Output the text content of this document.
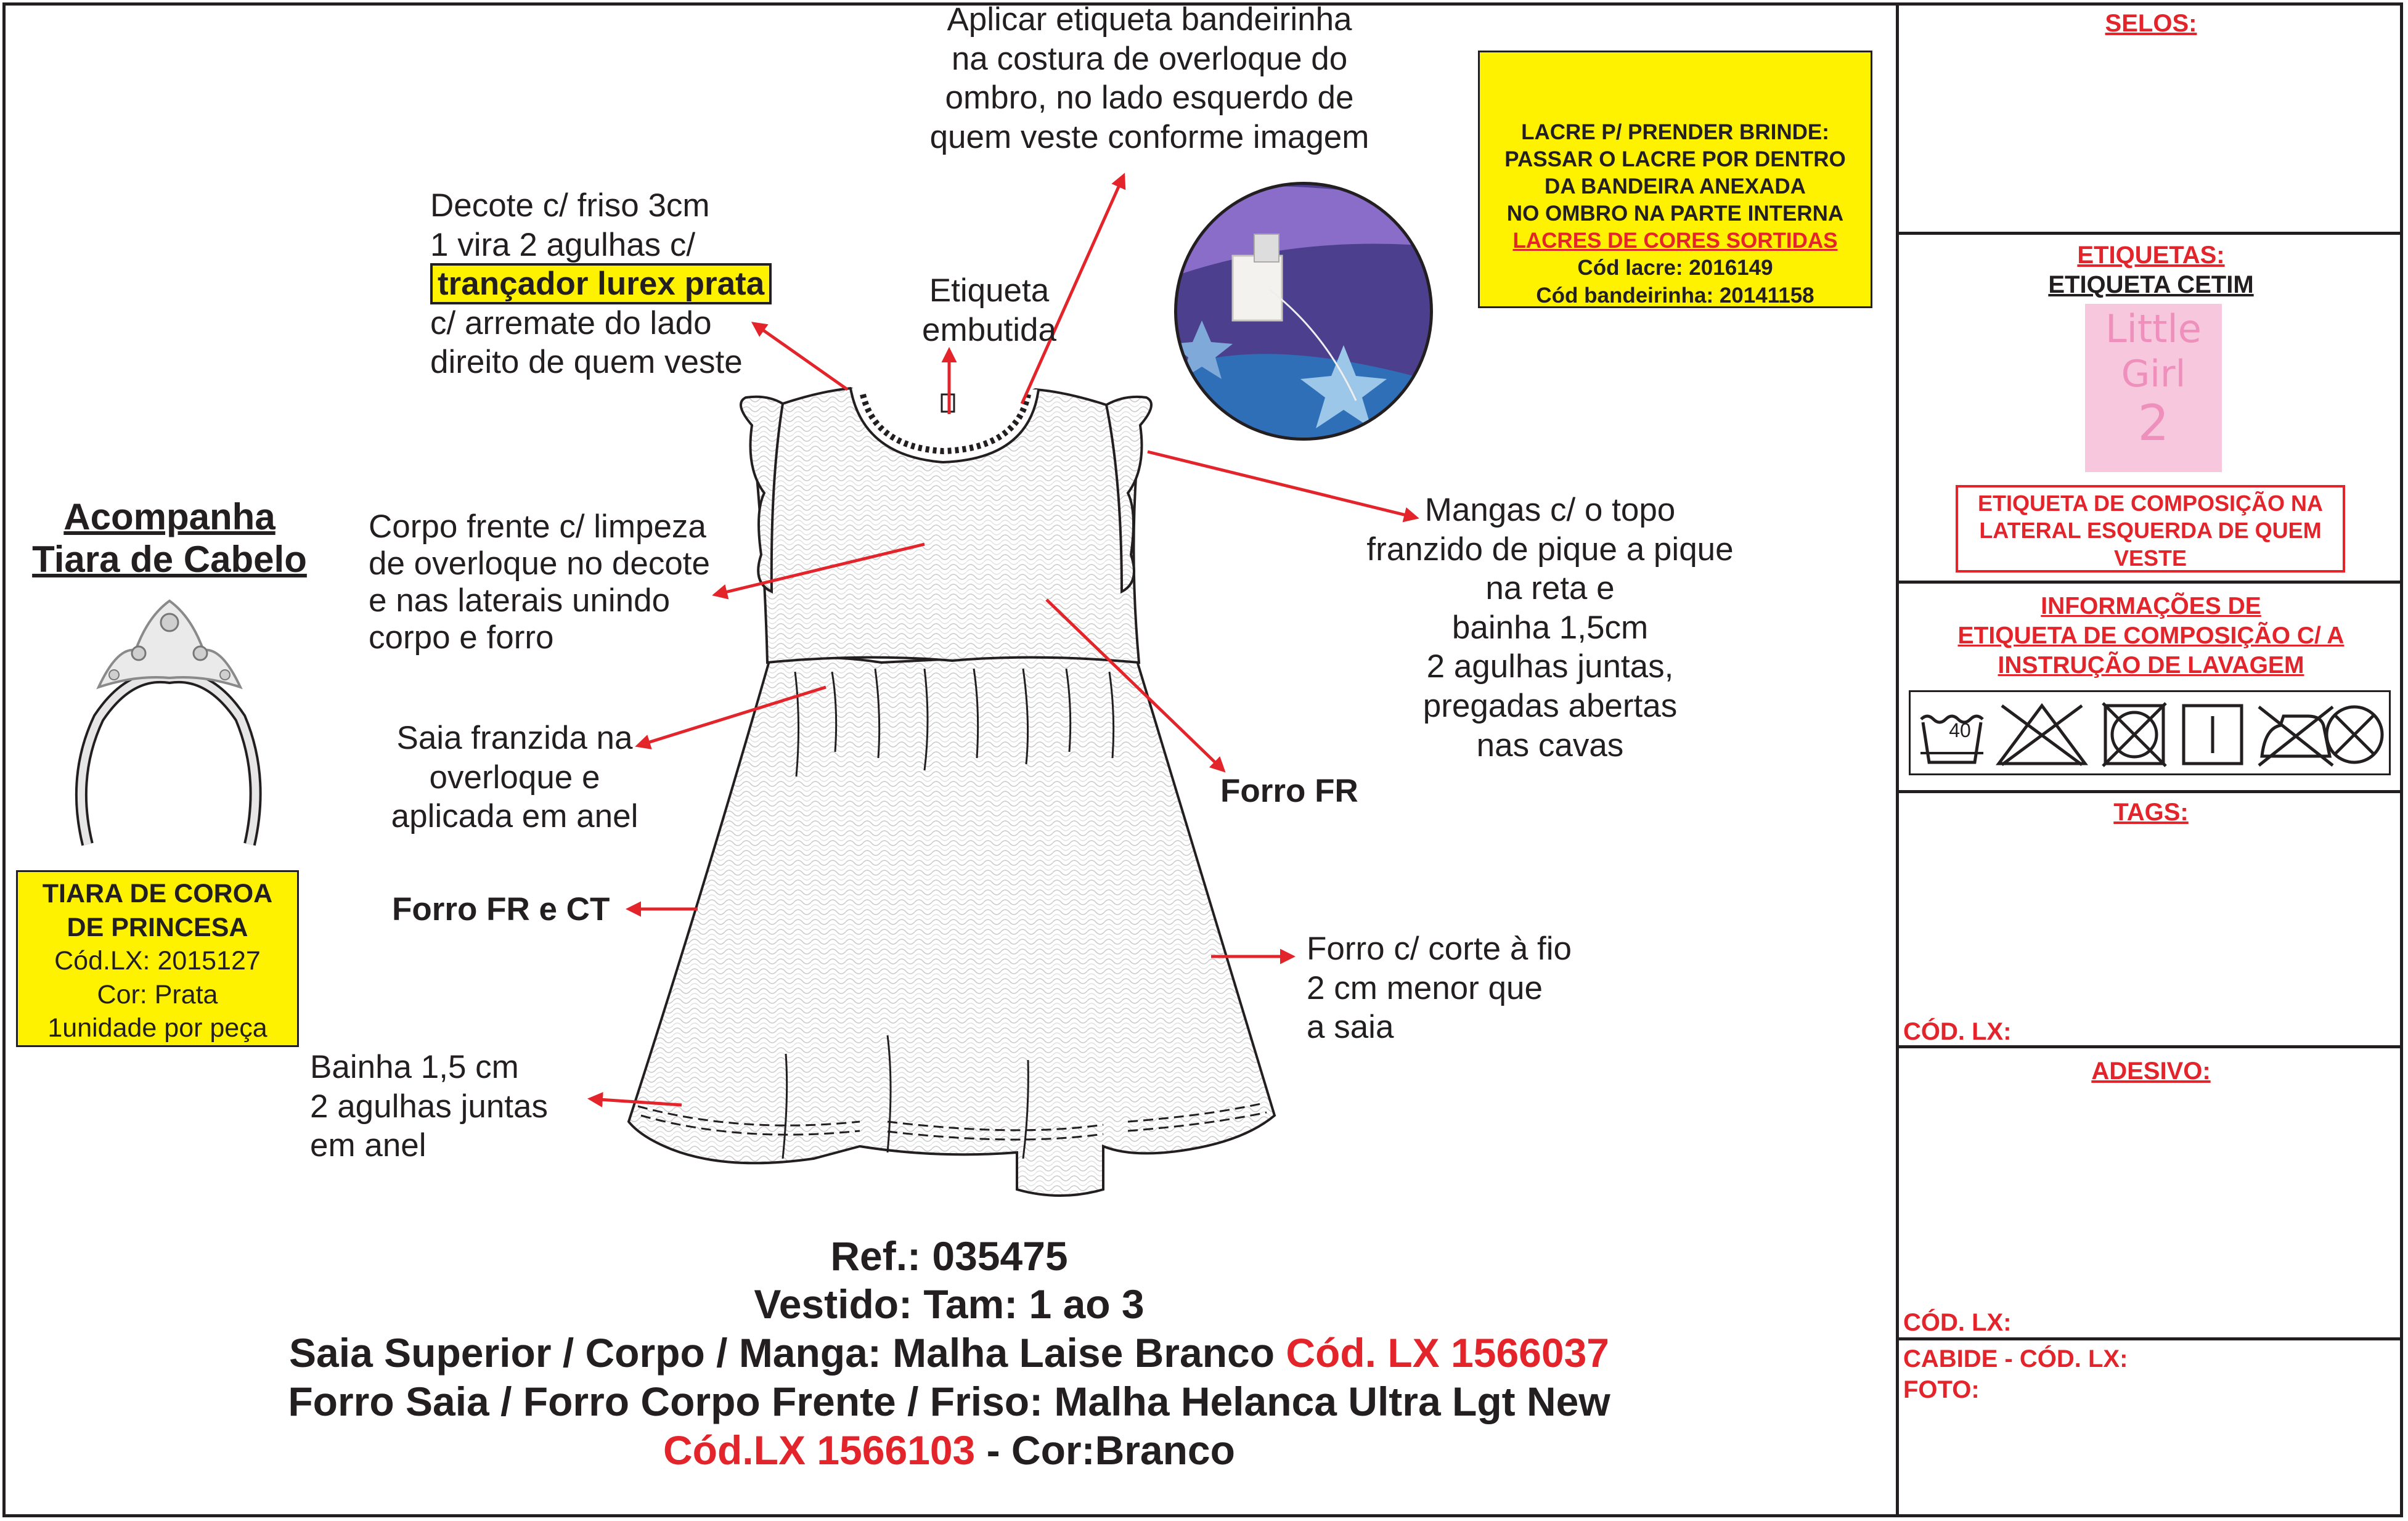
Aplicar etiqueta bandeirinha
na costura de overloque do
ombro, no lado esquerdo de
quem veste conforme imagem
Decote c/ friso 3cm
1 vira 2 agulhas c/
trançador lurex prata
c/ arremate do lado
direito de quem veste
Etiqueta
embutida
Corpo frente c/ limpeza
de overloque no decote
e nas laterais unindo
corpo e forro
Mangas c/ o topo
franzido de pique a pique
na reta e
bainha 1,5cm
2 agulhas juntas,
pregadas abertas
nas cavas
Saia franzida na
overloque e
aplicada em anel
Forro FR
Forro FR e CT
Forro c/ corte à fio
2 cm menor que
a saia
Bainha 1,5 cm
2 agulhas juntas
em anel
Acompanha
Tiara de Cabelo
TIARA DE COROA
DE PRINCESA
Cód.LX: 2015127
Cor: Prata
1unidade por peça
LACRE P/ PRENDER BRINDE:
PASSAR O LACRE POR DENTRO
DA BANDEIRA ANEXADA
NO OMBRO NA PARTE INTERNA
LACRES DE CORES SORTIDAS
Cód lacre: 2016149
Cód bandeirinha: 20141158
SELOS:
ETIQUETAS:
ETIQUETA CETIM
Little
Girl
2
ETIQUETA DE COMPOSIÇÃO NA
LATERAL ESQUERDA DE QUEM
VESTE
INFORMAÇÕES DE
ETIQUETA DE COMPOSIÇÃO C/ A
INSTRUÇÃO DE LAVAGEM
40
TAGS:
CÓD. LX:
ADESIVO:
CÓD. LX:
CABIDE - CÓD. LX:
FOTO:
Ref.: 035475
Vestido: Tam: 1 ao 3
Saia Superior / Corpo / Manga: Malha Laise Branco Cód. LX 1566037
Forro Saia / Forro Corpo Frente / Friso: Malha Helanca Ultra Lgt New
Cód.LX 1566103 - Cor:Branco
